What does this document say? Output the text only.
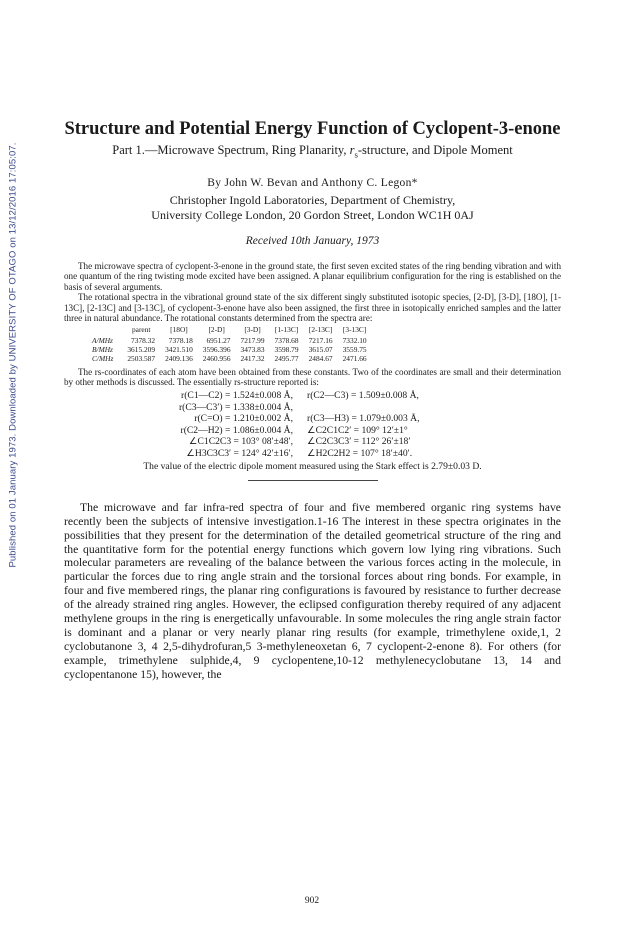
Published on 01 January 1973. Downloaded by UNIVERSITY OF OTAGO on 13/12/2016 17:05:07.
Structure and Potential Energy Function of Cyclopent-3-enone
Part 1.—Microwave Spectrum, Ring Planarity, $r_s$-structure, and Dipole Moment
By John W. Bevan and Anthony C. Legon*
Christopher Ingold Laboratories, Department of Chemistry,
University College London, 20 Gordon Street, London WC1H 0AJ
Received 10th January, 1973

The microwave spectra of cyclopent-3-enone in the ground state, the first seven excited states of the ring bending vibration and with one quantum of the ring twisting mode excited have been assigned. A planar equilibrium configuration for the ring is established on the basis of several arguments.

The rotational spectra in the vibrational ground state of the six different singly substituted isotopic species, [2-D], [3-D], [18O], [1-13C], [2-13C] and [3-13C], of cyclopent-3-enone have also been assigned, the first three in isotopically enriched samples and the latter three in natural abundance. The rotational constants determined from the spectra are:

	parent	[18O]	[2-D]	[3-D]	[1-13C]	[2-13C]	[3-13C]
A/MHz	7378.32	7378.18	6951.27	7217.99	7378.68	7217.16	7332.10
B/MHz	3615.209	3421.510	3596.396	3473.83	3598.79	3615.07	3559.75
C/MHz	2503.587	2409.136	2460.956	2417.32	2495.77	2484.67	2471.66

The rs-coordinates of each atom have been obtained from these constants. Two of the coordinates are small and their determination by other methods is discussed. The essentially rs-structure reported is:

r(C1—C2) = 1.524±0.008 Å,	r(C2—C3) = 1.509±0.008 Å,
r(C3—C3′) = 1.338±0.004 Å,
r(C=O) = 1.210±0.002 Å,	r(C3—H3) = 1.079±0.003 Å,
r(C2—H2) = 1.086±0.004 Å,	∠C2C1C2′ = 109° 12′±1°
∠C1C2C3 = 103° 08′±48′,	∠C2C3C3′ = 112° 26′±18′
∠H3C3C3′ = 124° 42′±16′,	∠H2C2H2 = 107° 18′±40′.
The value of the electric dipole moment measured using the Stark effect is 2.79±0.03 D.

The microwave and far infra-red spectra of four and five membered organic ring systems have recently been the subjects of intensive investigation.1-16 The interest in these spectra originates in the possibilities that they present for the determination of the detailed geometrical structure of the ring and the quantitative form for the potential energy functions which govern low lying ring vibrations. Such molecular parameters are revealing of the balance between the various forces acting in the molecule, in particular the forces due to ring angle strain and the torsional forces about ring bonds. For example, in four and five membered rings, the planar ring configurations is favoured by resistance to further decrease of the already strained ring angles. However, the eclipsed configuration thereby required of any adjacent methylene groups in the ring is energetically unfavourable. In some molecules the ring angle strain factor is dominant and a planar or very nearly planar ring results (for example, trimethylene oxide,1, 2 cyclobutanone 3, 4 2,5-dihydrofuran,5 3-methyleneoxetan 6, 7 cyclopent-2-enone 8). For others (for example, trimethylene sulphide,4, 9 cyclopentene,10-12 methylenecyclobutane 13, 14 and cyclopentanone 15), however, the

902
